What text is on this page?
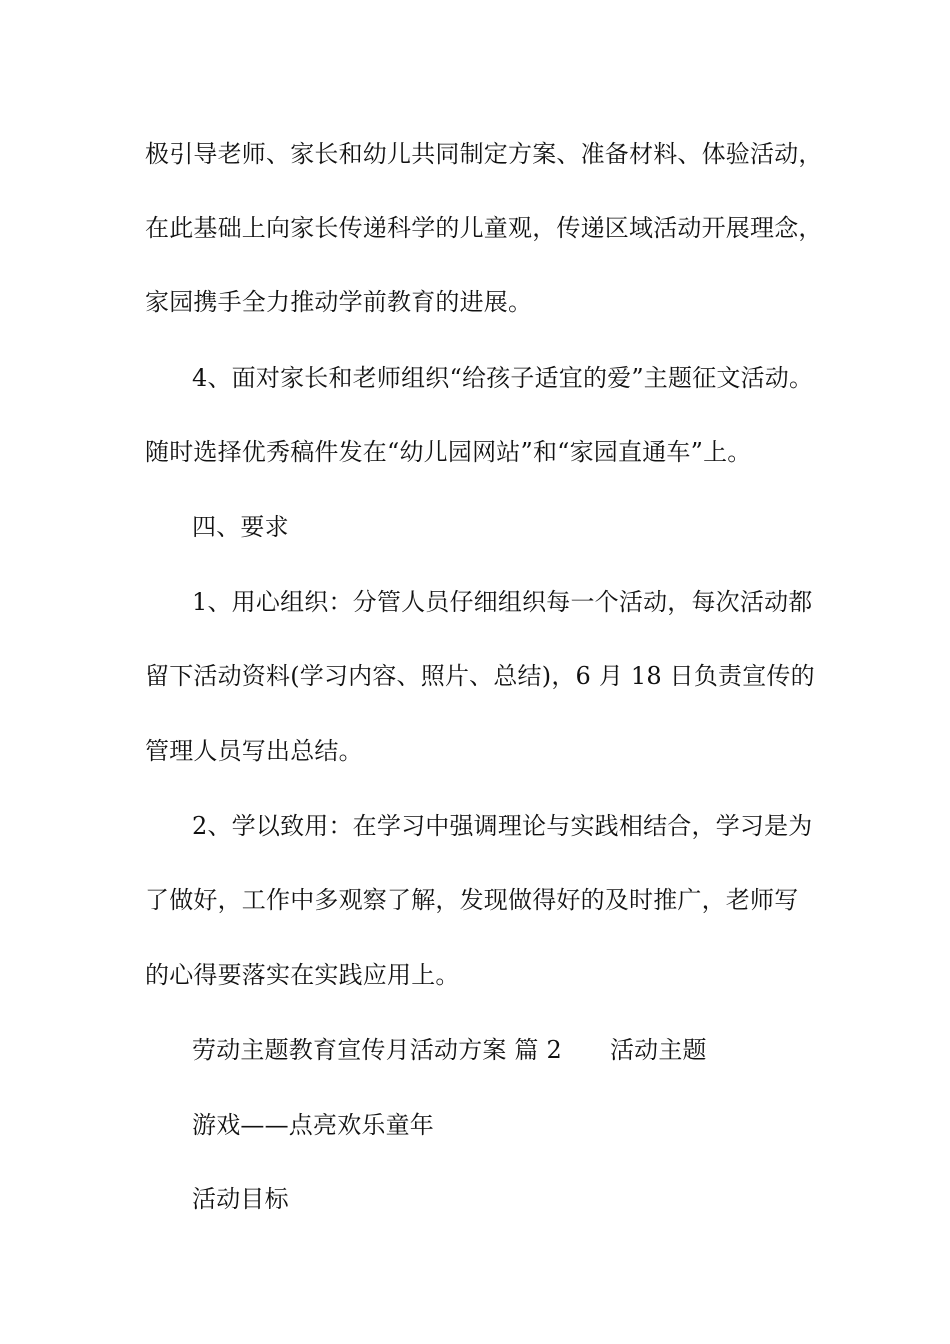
极引导老师、家长和幼儿共同制定方案、准备材料、体验活动，
在此基础上向家长传递科学的儿童观，传递区域活动开展理念，
家园携手全力推动学前教育的进展。
4、面对家长和老师组织“给孩子适宜的爱”主题征文活动。
随时选择优秀稿件发在“幼儿园网站”和“家园直通车”上。
四、要求
1、用心组织：分管人员仔细组织每一个活动，每次活动都
留下活动资料(学习内容、照片、总结)，6 月 18 日负责宣传的
管理人员写出总结。
2、学以致用：在学习中强调理论与实践相结合，学习是为
了做好，工作中多观察了解，发现做得好的及时推广，老师写
的心得要落实在实践应用上。
劳动主题教育宣传月活动方案 篇 2 活动主题
游戏——点亮欢乐童年
活动目标
